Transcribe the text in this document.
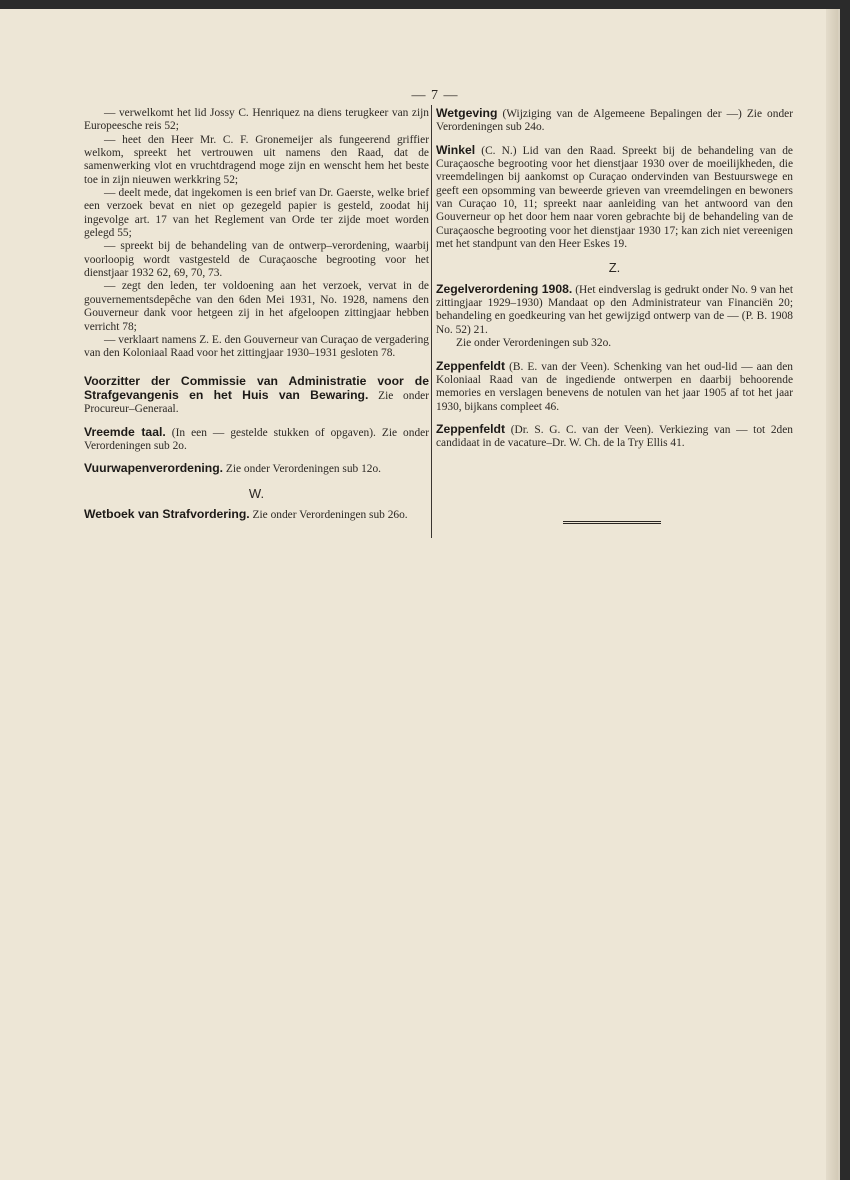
— 7 —

— verwelkomt het lid Jossy C. Henriquez na diens terugkeer van zijn Europeesche reis 52;

— heet den Heer Mr. C. F. Gronemeijer als fungeerend griffier welkom, spreekt het vertrouwen uit namens den Raad, dat de samenwerking vlot en vruchtdragend moge zijn en wenscht hem het beste toe in zijn nieuwen werkkring 52;

— deelt mede, dat ingekomen is een brief van Dr. Gaerste, welke brief een verzoek bevat en niet op gezegeld papier is gesteld, zoodat hij ingevolge art. 17 van het Reglement van Orde ter zijde moet worden gelegd 55;

— spreekt bij de behandeling van de ontwerp–verordening, waarbij voorloopig wordt vastgesteld de Curaçaosche begrooting voor het dienstjaar 1932 62, 69, 70, 73.

— zegt den leden, ter voldoening aan het verzoek, vervat in de gouvernementsdepêche van den 6den Mei 1931, No. 1928, namens den Gouverneur dank voor hetgeen zij in het afgeloopen zittingjaar hebben verricht 78;

— verklaart namens Z. E. den Gouverneur van Curaçao de vergadering van den Koloniaal Raad voor het zittingjaar 1930–1931 gesloten 78.

Voorzitter der Commissie van Administratie voor de Strafgevangenis en het Huis van Bewaring. Zie onder Procureur–Generaal.

Vreemde taal. (In een — gestelde stukken of opgaven). Zie onder Verordeningen sub 2o.

Vuurwapenverordening. Zie onder Verordeningen sub 12o.

W.

Wetboek van Strafvordering. Zie onder Verordeningen sub 26o.

Wetgeving (Wijziging van de Algemeene Bepalingen der —) Zie onder Verordeningen sub 24o.

Winkel (C. N.) Lid van den Raad. Spreekt bij de behandeling van de Curaçaosche begrooting voor het dienstjaar 1930 over de moeilijkheden, die vreemdelingen bij aankomst op Curaçao ondervinden van Bestuurswege en geeft een opsomming van beweerde grieven van vreemdelingen en bewoners van Curaçao 10, 11; spreekt naar aanleiding van het antwoord van den Gouverneur op het door hem naar voren gebrachte bij de behandeling van de Curaçaosche begrooting voor het dienstjaar 1930 17; kan zich niet vereenigen met het standpunt van den Heer Eskes 19.

Z.

Zegelverordening 1908. (Het eindverslag is gedrukt onder No. 9 van het zittingjaar 1929–1930) Mandaat op den Administrateur van Financiën 20; behandeling en goedkeuring van het gewijzigd ontwerp van de — (P. B. 1908 No. 52) 21.

Zie onder Verordeningen sub 32o.

Zeppenfeldt (B. E. van der Veen). Schenking van het oud-lid — aan den Koloniaal Raad van de ingediende ontwerpen en daarbij behoorende memories en verslagen benevens de notulen van het jaar 1905 af tot het jaar 1930, bijkans compleet 46.

Zeppenfeldt (Dr. S. G. C. van der Veen). Verkiezing van — tot 2den candidaat in de vacature–Dr. W. Ch. de la Try Ellis 41.
